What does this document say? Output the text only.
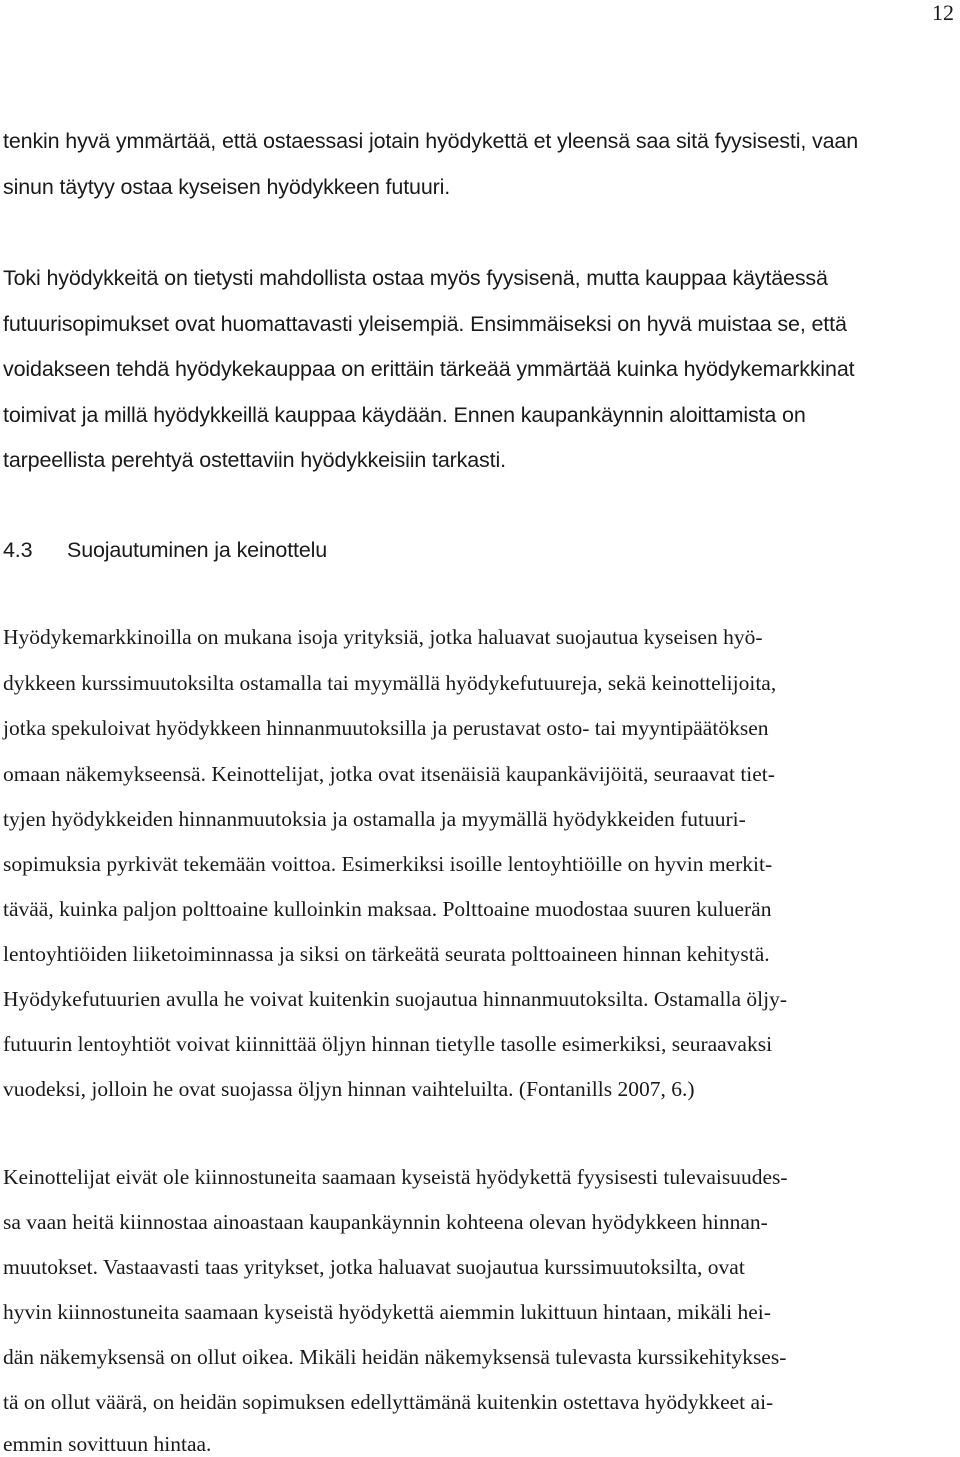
12

tenkin hyvä ymmärtää, että ostaessasi jotain hyödykettä et yleensä saa sitä fyysisesti, vaan

sinun täytyy ostaa kyseisen hyödykkeen futuuri.

Toki hyödykkeitä on tietysti mahdollista ostaa myös fyysisenä, mutta kauppaa käytäessä

futuurisopimukset ovat huomattavasti yleisempiä. Ensimmäiseksi on hyvä muistaa se, että

voidakseen tehdä hyödykekauppaa on erittäin tärkeää ymmärtää kuinka hyödykemarkkinat

toimivat ja millä hyödykkeillä kauppaa käydään. Ennen kaupankäynnin aloittamista on

tarpeellista perehtyä ostettaviin hyödykkeisiin tarkasti.

4.3 Suojautuminen ja keinottelu

Hyödykemarkkinoilla on mukana isoja yrityksiä, jotka haluavat suojautua kyseisen hyö-

dykkeen kurssimuutoksilta ostamalla tai myymällä hyödykefutuureja, sekä keinottelijoita,

jotka spekuloivat hyödykkeen hinnanmuutoksilla ja perustavat osto- tai myyntipäätöksen

omaan näkemykseensä. Keinottelijat, jotka ovat itsenäisiä kaupankävijöitä, seuraavat tiet-

tyjen hyödykkeiden hinnanmuutoksia ja ostamalla ja myymällä hyödykkeiden futuuri-

sopimuksia pyrkivät tekemään voittoa. Esimerkiksi isoille lentoyhtiöille on hyvin merkit-

tävää, kuinka paljon polttoaine kulloinkin maksaa. Polttoaine muodostaa suuren kuluerän

lentoyhtiöiden liiketoiminnassa ja siksi on tärkeätä seurata polttoaineen hinnan kehitystä.

Hyödykefutuurien avulla he voivat kuitenkin suojautua hinnanmuutoksilta. Ostamalla öljy-

futuurin lentoyhtiöt voivat kiinnittää öljyn hinnan tietylle tasolle esimerkiksi, seuraavaksi

vuodeksi, jolloin he ovat suojassa öljyn hinnan vaihteluilta. (Fontanills 2007, 6.)

Keinottelijat eivät ole kiinnostuneita saamaan kyseistä hyödykettä fyysisesti tulevaisuudes-

sa vaan heitä kiinnostaa ainoastaan kaupankäynnin kohteena olevan hyödykkeen hinnan-

muutokset. Vastaavasti taas yritykset, jotka haluavat suojautua kurssimuutoksilta, ovat

hyvin kiinnostuneita saamaan kyseistä hyödykettä aiemmin lukittuun hintaan, mikäli hei-

dän näkemyksensä on ollut oikea. Mikäli heidän näkemyksensä tulevasta kurssikehitykses-

tä on ollut väärä, on heidän sopimuksen edellyttämänä kuitenkin ostettava hyödykkeet ai-

emmin sovittuun hintaa.
